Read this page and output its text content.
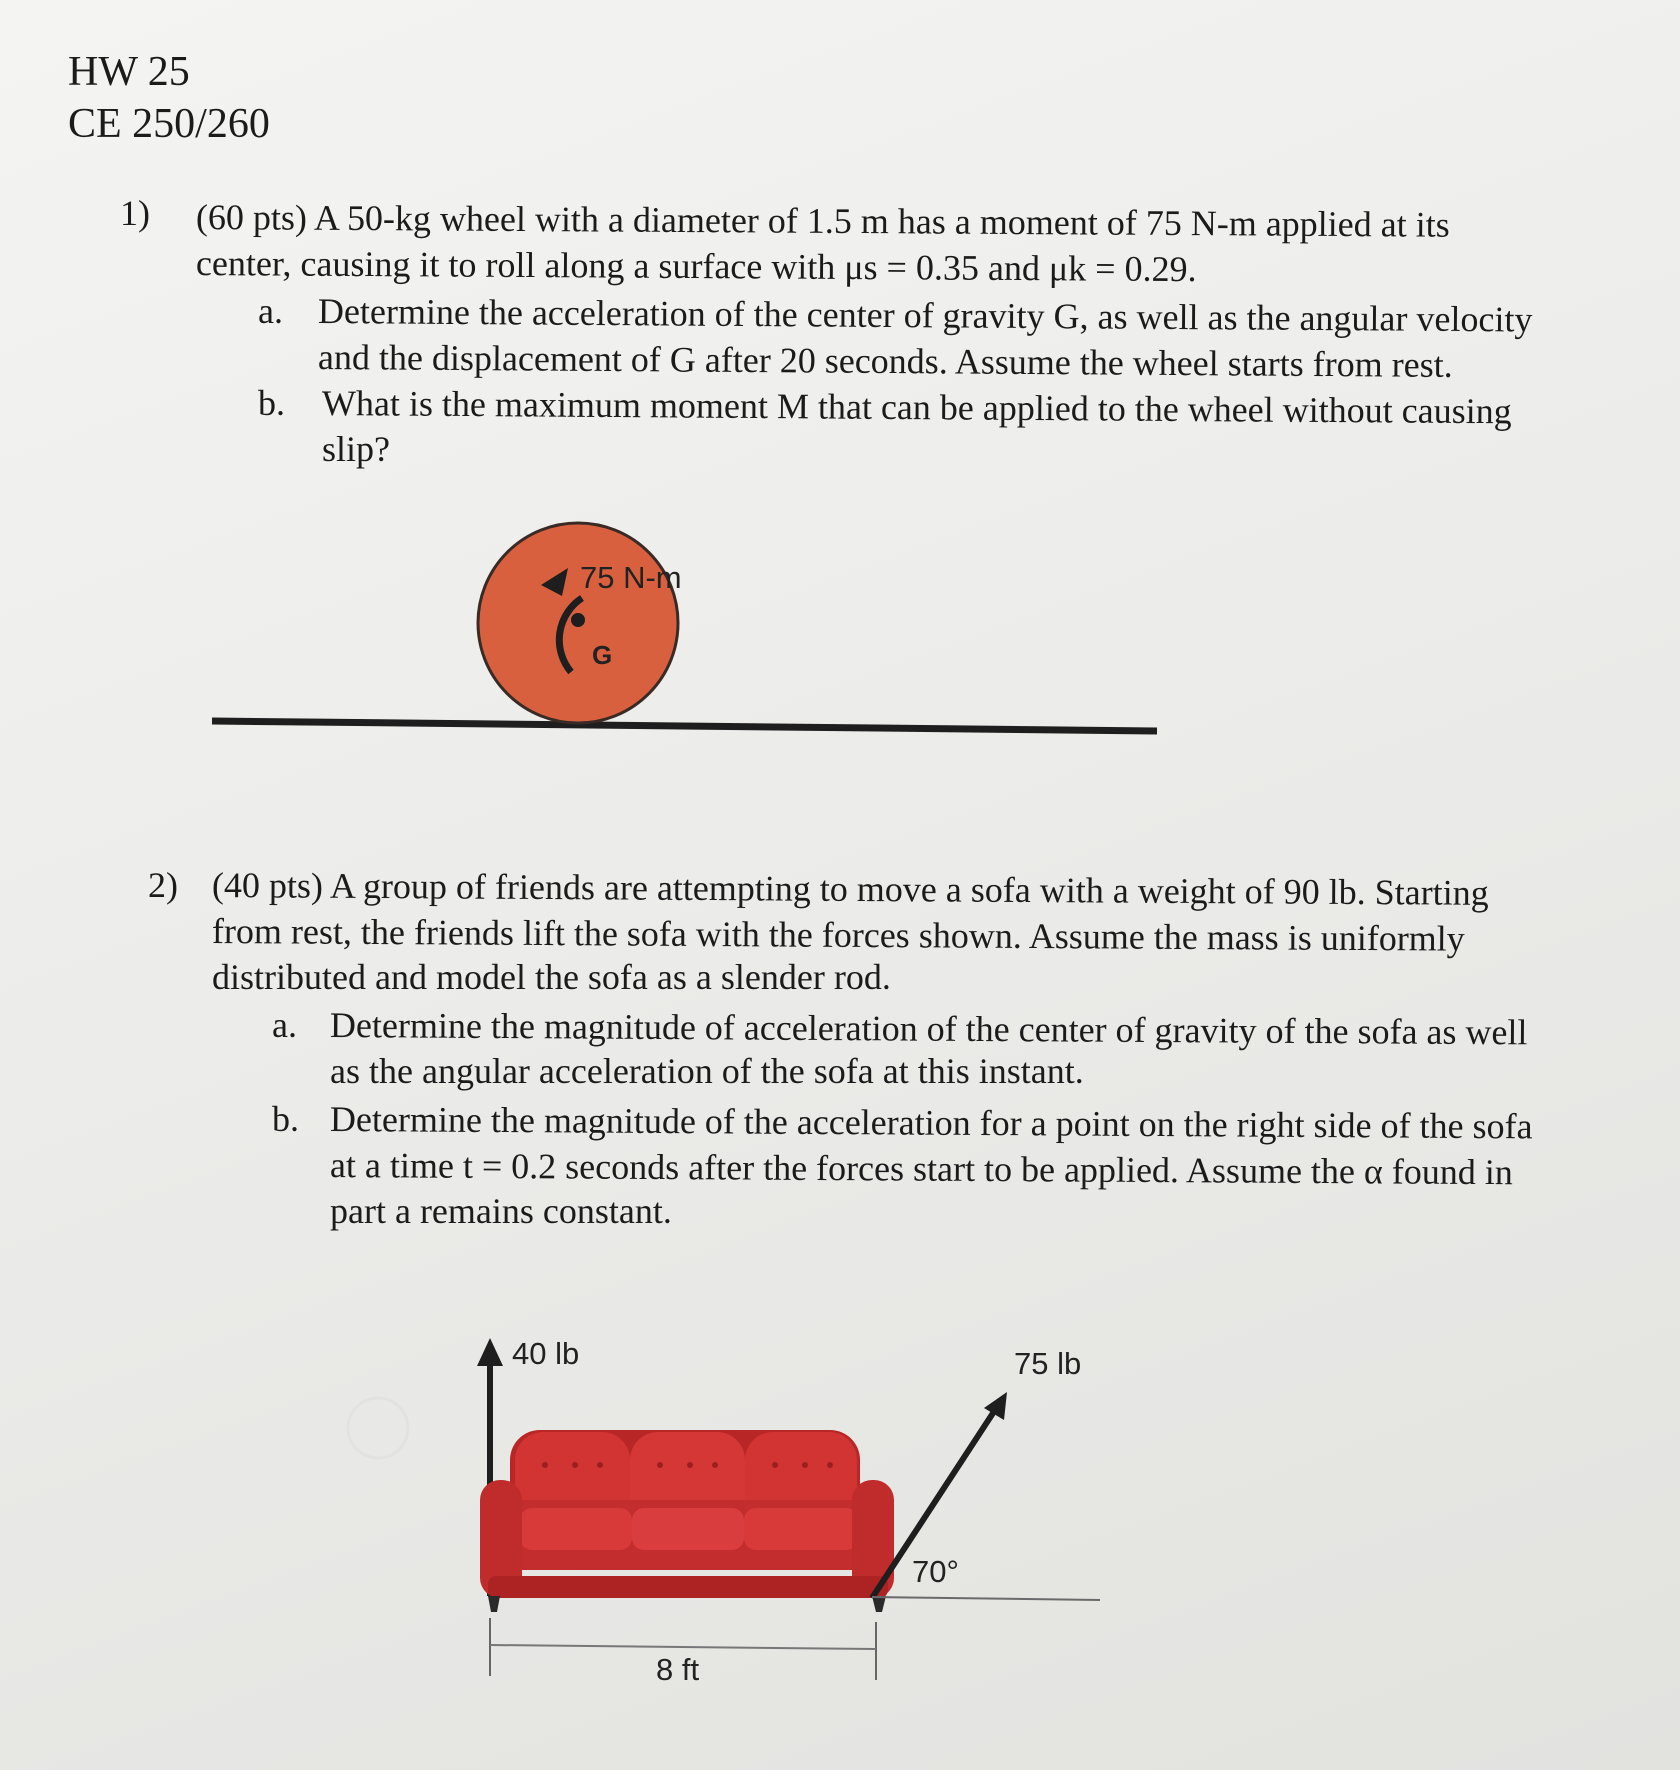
HW 25
CE 250/260
1) (60 pts) A 50-kg wheel with a diameter of 1.5 m has a moment of 75 N-m applied at its
center, causing it to roll along a surface with μs = 0.35 and μk = 0.29.
a. Determine the acceleration of the center of gravity G, as well as the angular velocity
and the displacement of G after 20 seconds. Assume the wheel starts from rest.
b. What is the maximum moment M that can be applied to the wheel without causing
slip?
75 N-m
G
2) (40 pts) A group of friends are attempting to move a sofa with a weight of 90 lb. Starting
from rest, the friends lift the sofa with the forces shown. Assume the mass is uniformly
distributed and model the sofa as a slender rod.
a. Determine the magnitude of acceleration of the center of gravity of the sofa as well
as the angular acceleration of the sofa at this instant.
b. Determine the magnitude of the acceleration for a point on the right side of the sofa
at a time t = 0.2 seconds after the forces start to be applied. Assume the α found in
part a remains constant.
40 lb	75 lb
70°
8 ft
